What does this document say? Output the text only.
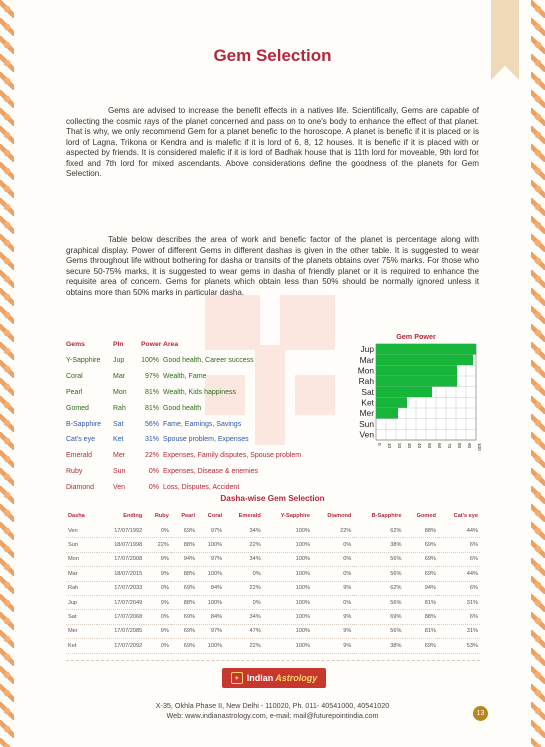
Gem Selection

Gems are advised to increase the benefit effects in a natives life. Scientifically, Gems are capable of collecting the cosmic rays of the planet concerned and pass on to one's body to enhance the effect of that planet. That is why, we only recommend Gem for a planet benefic to the horoscope. A planet is benefic if it is placed or is lord of Lagna, Trikona or Kendra and is malefic if it is lord of 6, 8, 12 houses. It is benefic if it is placed with or aspected by friends. It is considered malefic if it is lord of Badhak house that is 11th lord for moveable, 9th lord for fixed and 7th lord for mixed ascendants. Above considerations define the goodness of the planets for Gem Selection.

Table below describes the area of work and benefic factor of the planet is percentage along with graphical display. Power of different Gems in different dashas is given in the other table. It is suggested to wear Gems throughout life without bothering for dasha or transits of the planets obtains over 75% marks. For those who secure 50-75% marks, it is suggested to wear gems in dasha of friendly planet or it is required to enhance the requisite area of concern. Gems for planets which obtain less than 50% should be normally ignored unless it obtains more than 50% marks in particular dasha.

Gems	Pln	Power	Area
Y-Sapphire	Jup	100%	Good health, Career success
Coral	Mar	97%	Wealth, Fame
Pearl	Mon	81%	Wealth, Kids happiness
Gomed	Rah	81%	Good health
B-Sapphire	Sat	56%	Fame, Earnings, Savings
Cat's eye	Ket	31%	Spouse problem, Expenses
Emerald	Mer	22%	Expenses, Family disputes, Spouse problem
Ruby	Sun	0%	Expenses, Disease & enemies
Diamond	Ven	0%	Loss, Disputes, Accident
Gem Power
0 10 20 30 40 50 60 70 80 90 100
Jup
Mar
Mon
Rah
Sat
Ket
Mer
Sun
Ven
Dasha-wise Gem Selection
Dasha	Ending	Ruby	Pearl	Coral	Emerald	Y-Sapphire	Diamond	B-Sapphire	Gomed	Cat's eye
Ven	17/07/1992	0%	69%	97%	34%	100%	22%	62%	88%	44%
Sun	18/07/1998	22%	88%	100%	22%	100%	0%	38%	69%	6%
Mon	17/07/2008	9%	94%	97%	34%	100%	0%	56%	69%	6%
Mar	18/07/2015	9%	88%	100%	0%	100%	0%	56%	69%	44%
Rah	17/07/2033	0%	69%	84%	22%	100%	9%	62%	94%	6%
Jup	17/07/2049	9%	88%	100%	0%	100%	0%	56%	81%	31%
Sat	17/07/2068	0%	69%	84%	34%	100%	9%	69%	88%	6%
Mer	17/07/2085	9%	69%	97%	47%	100%	9%	56%	81%	31%
Ket	17/07/2092	0%	69%	100%	22%	100%	9%	38%	69%	53%
✦ Indian Astrology

X-35, Okhla Phase II, New Delhi - 110020, Ph. 011- 40541000, 40541020

Web: www.indianastrology.com, e-mail: mail@futurepointindia.com	13
